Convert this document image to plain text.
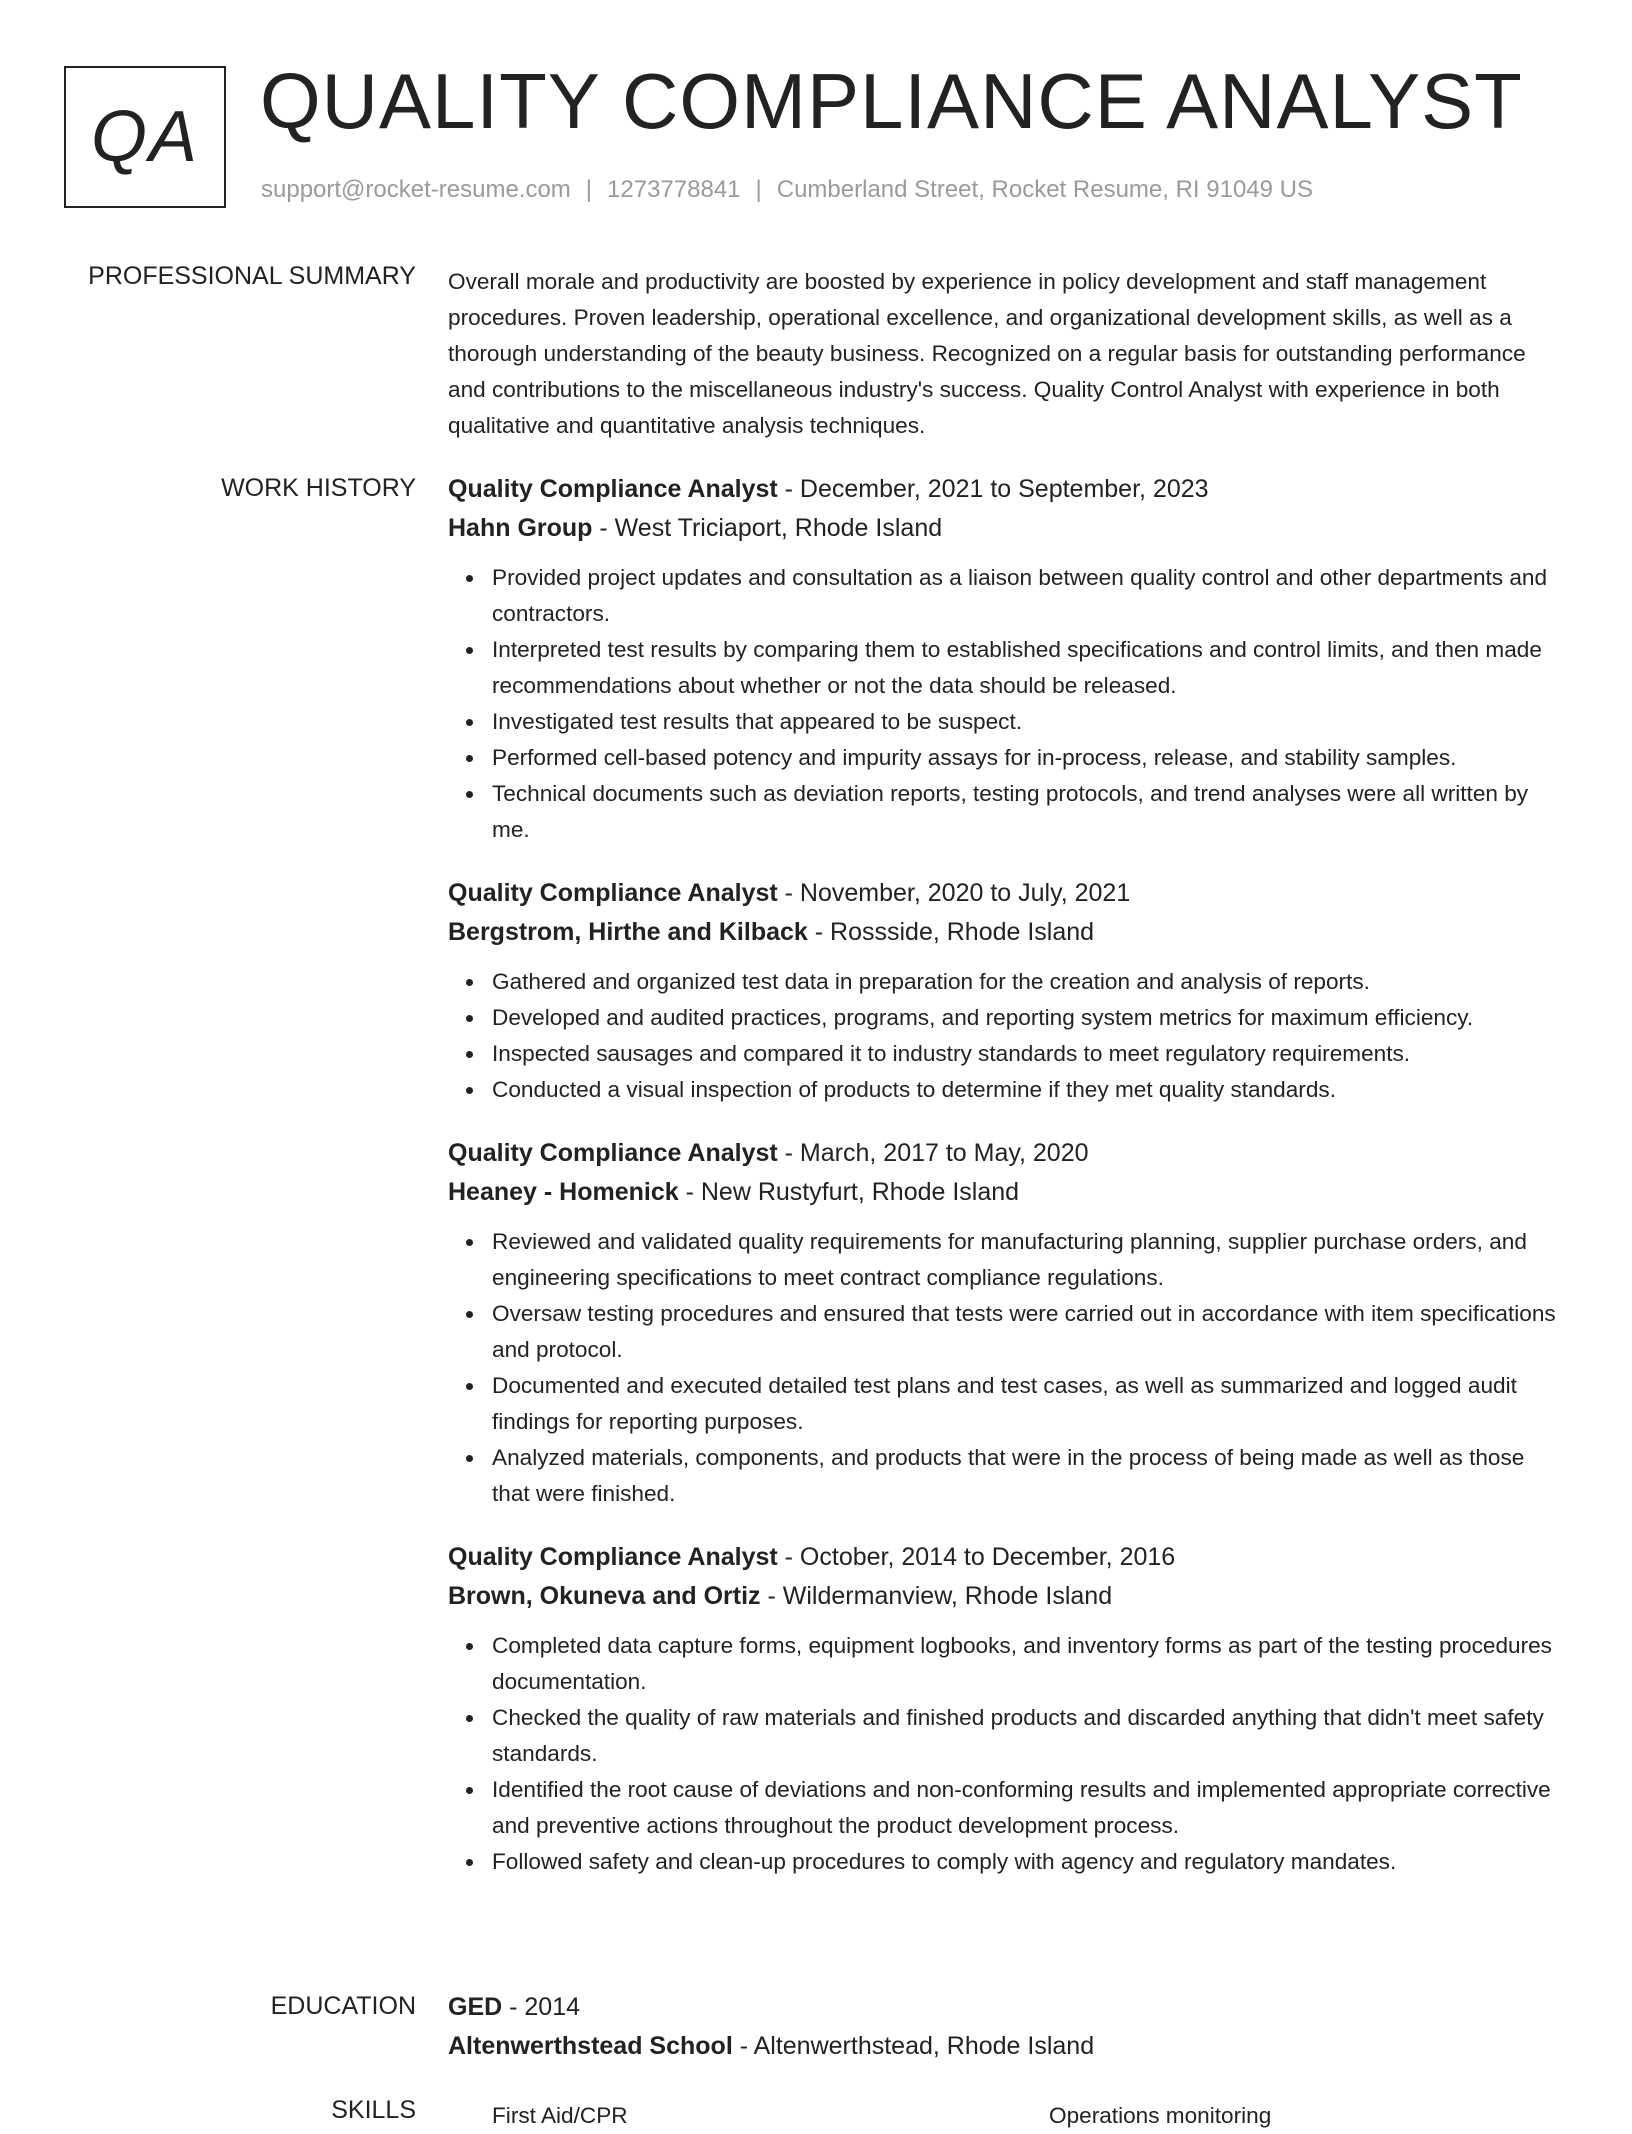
QA QUALITY COMPLIANCE ANALYST
support@rocket-resume.com | 1273778841 | Cumberland Street, Rocket Resume, RI 91049 US
PROFESSIONAL SUMMARY Overall morale and productivity are boosted by experience in policy development and staff management procedures. Proven leadership, operational excellence, and organizational development skills, as well as a thorough understanding of the beauty business. Recognized on a regular basis for outstanding performance and contributions to the miscellaneous industry's success. Quality Control Analyst with experience in both qualitative and quantitative analysis techniques.

WORK HISTORY Quality Compliance Analyst - December, 2021 to September, 2023
Hahn Group - West Triciaport, Rhode Island
Provided project updates and consultation as a liaison between quality control and other departments and contractors.
Interpreted test results by comparing them to established specifications and control limits, and then made recommendations about whether or not the data should be released.
Investigated test results that appeared to be suspect.
Performed cell-based potency and impurity assays for in-process, release, and stability samples.
Technical documents such as deviation reports, testing protocols, and trend analyses were all written by me.
Quality Compliance Analyst - November, 2020 to July, 2021
Bergstrom, Hirthe and Kilback - Rossside, Rhode Island
Gathered and organized test data in preparation for the creation and analysis of reports.
Developed and audited practices, programs, and reporting system metrics for maximum efficiency.
Inspected sausages and compared it to industry standards to meet regulatory requirements.
Conducted a visual inspection of products to determine if they met quality standards.
Quality Compliance Analyst - March, 2017 to May, 2020
Heaney - Homenick - New Rustyfurt, Rhode Island
Reviewed and validated quality requirements for manufacturing planning, supplier purchase orders, and engineering specifications to meet contract compliance regulations.
Oversaw testing procedures and ensured that tests were carried out in accordance with item specifications and protocol.
Documented and executed detailed test plans and test cases, as well as summarized and logged audit findings for reporting purposes.
Analyzed materials, components, and products that were in the process of being made as well as those that were finished.
Quality Compliance Analyst - October, 2014 to December, 2016
Brown, Okuneva and Ortiz - Wildermanview, Rhode Island
Completed data capture forms, equipment logbooks, and inventory forms as part of the testing procedures documentation.
Checked the quality of raw materials and finished products and discarded anything that didn't meet safety standards.
Identified the root cause of deviations and non-conforming results and implemented appropriate corrective and preventive actions throughout the product development process.
Followed safety and clean-up procedures to comply with agency and regulatory mandates.
EDUCATION GED - 2014
Altenwerthstead School - Altenwerthstead, Rhode Island
SKILLS	First Aid/CPR	Operations monitoring
